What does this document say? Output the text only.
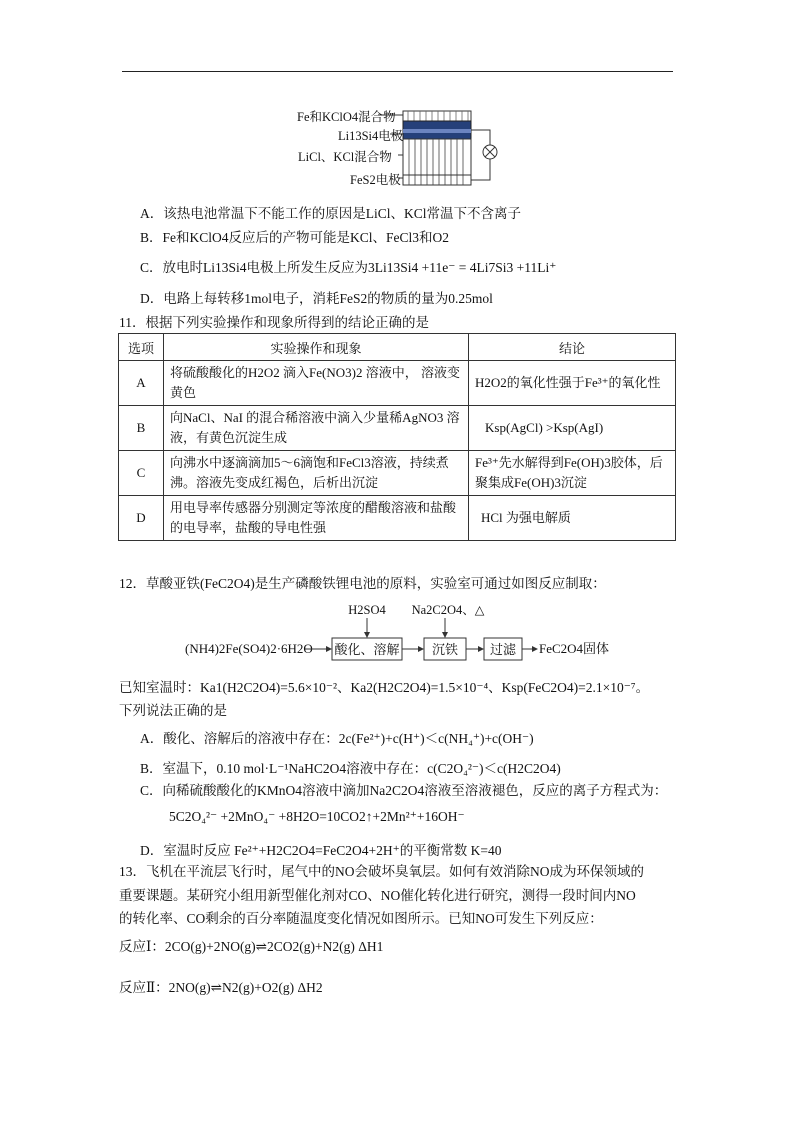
Fe和KClO4混合物
Li13Si4电极
LiCl、KCl混合物
FeS2电极
A．该热电池常温下不能工作的原因是LiCl、KCl常温下不含离子
B．Fe和KClO4反应后的产物可能是KCl、FeCl3和O2
C．放电时Li13Si4电极上所发生反应为3Li13Si4 +11e⁻ = 4Li7Si3 +11Li⁺
D．电路上每转移1mol电子，消耗FeS2的物质的量为0.25mol
11．根据下列实验操作和现象所得到的结论正确的是
选项	实验操作和现象	结论
A	将硫酸酸化的H2O2 滴入Fe(NO3)2 溶液中， 溶液变黄色	H2O2的氧化性强于Fe³⁺的氧化性
B	向NaCl、NaI 的混合稀溶液中滴入少量稀AgNO3 溶液，有黄色沉淀生成	Ksp(AgCl) >Ksp(AgI)
C	向沸水中逐滴滴加5～6滴饱和FeCl3溶液，持续煮沸。溶液先变成红褐色，后析出沉淀	Fe³⁺先水解得到Fe(OH)3胶体，后聚集成Fe(OH)3沉淀
D	用电导率传感器分别测定等浓度的醋酸溶液和盐酸的电导率，盐酸的导电性强	HCl 为强电解质
12．草酸亚铁(FeC2O4)是生产磷酸铁锂电池的原料，实验室可通过如图反应制取：
(NH4)2Fe(SO4)2·6H2O 酸化、溶解
H2SO4
沉铁
Na2C2O4、△
过滤 FeC2O4固体
已知室温时：Ka1(H2C2O4)=5.6×10⁻²、Ka2(H2C2O4)=1.5×10⁻⁴、Ksp(FeC2O4)=2.1×10⁻⁷。
下列说法正确的是
A．酸化、溶解后的溶液中存在：2c(Fe²⁺)+c(H⁺)＜c(NH₄⁺)+c(OH⁻)
B．室温下，0.10 mol·L⁻¹NaHC2O4溶液中存在：c(C2O₄²⁻)＜c(H2C2O4)
C．向稀硫酸酸化的KMnO4溶液中滴加Na2C2O4溶液至溶液褪色，反应的离子方程式为：
5C2O₄²⁻ +2MnO₄⁻ +8H2O=10CO2↑+2Mn²⁺+16OH⁻
D．室温时反应 Fe²⁺+H2C2O4=FeC2O4+2H⁺的平衡常数 K=40
13．飞机在平流层飞行时，尾气中的NO会破坏臭氧层。如何有效消除NO成为环保领域的
重要课题。某研究小组用新型催化剂对CO、NO催化转化进行研究，测得一段时间内NO
的转化率、CO剩余的百分率随温度变化情况如图所示。已知NO可发生下列反应：
反应Ⅰ：2CO(g)+2NO(g)⇌2CO2(g)+N2(g) ΔH1
反应Ⅱ：2NO(g)⇌N2(g)+O2(g) ΔH2
